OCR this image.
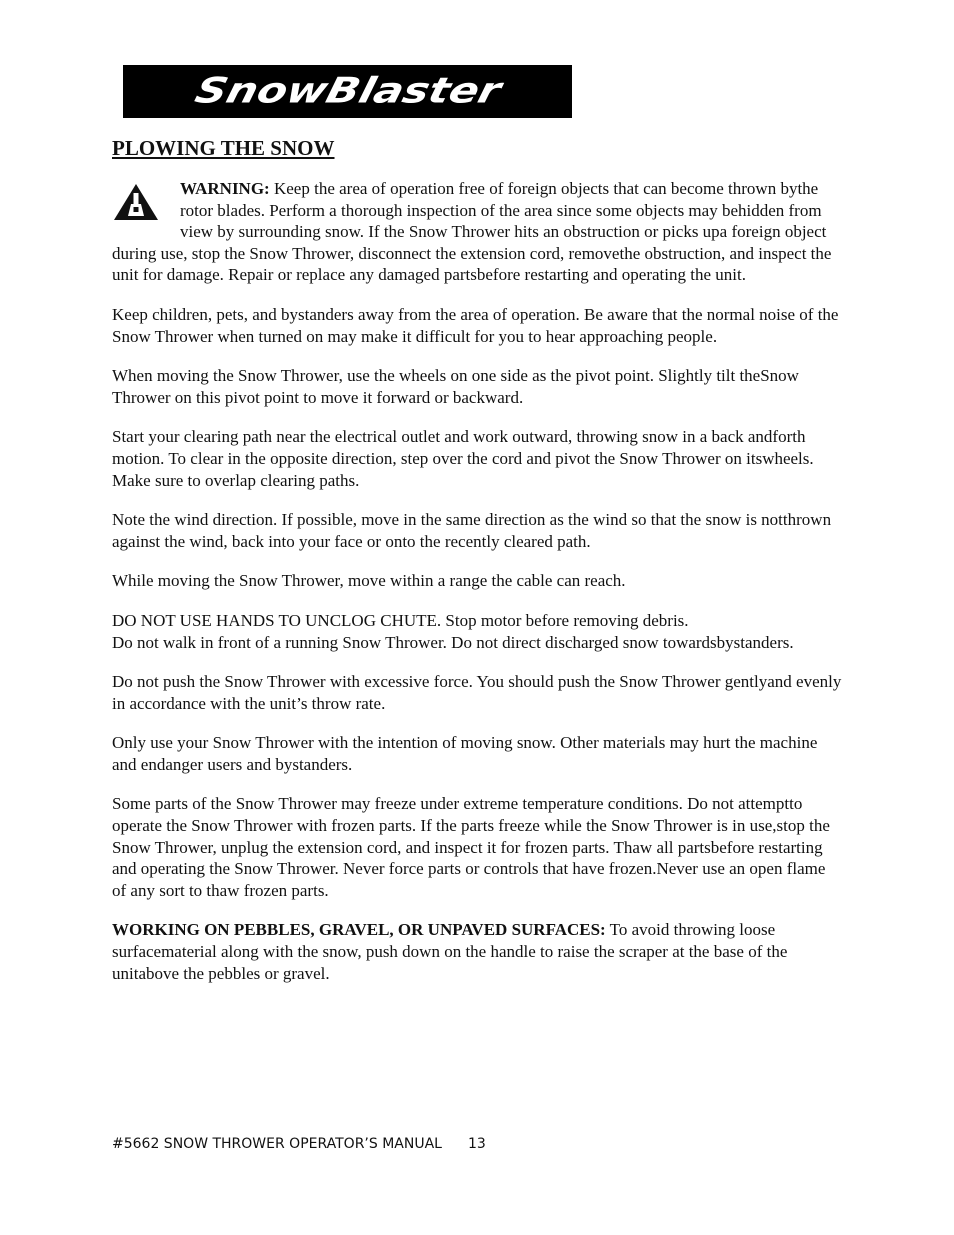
SnowBlaster
PLOWING THE SNOW

WARNING: Keep the area of operation free of foreign objects that can become thrown bythe rotor blades. Perform a thorough inspection of the area since some objects may behidden from view by surrounding snow. If the Snow Thrower hits an obstruction or picks upa foreign object during use, stop the Snow Thrower, disconnect the extension cord, removethe obstruction, and inspect the unit for damage. Repair or replace any damaged partsbefore restarting and operating the unit.

Keep children, pets, and bystanders away from the area of operation. Be aware that the normal noise of the Snow Thrower when turned on may make it difficult for you to hear approaching people.

When moving the Snow Thrower, use the wheels on one side as the pivot point. Slightly tilt theSnow Thrower on this pivot point to move it forward or backward.

Start your clearing path near the electrical outlet and work outward, throwing snow in a back andforth motion. To clear in the opposite direction, step over the cord and pivot the Snow Thrower on itswheels. Make sure to overlap clearing paths.

Note the wind direction. If possible, move in the same direction as the wind so that the snow is notthrown against the wind, back into your face or onto the recently cleared path.

While moving the Snow Thrower, move within a range the cable can reach.

DO NOT USE HANDS TO UNCLOG CHUTE. Stop motor before removing debris.
Do not walk in front of a running Snow Thrower. Do not direct discharged snow towardsbystanders.

Do not push the Snow Thrower with excessive force. You should push the Snow Thrower gentlyand evenly in accordance with the unit’s throw rate.

Only use your Snow Thrower with the intention of moving snow. Other materials may hurt the machine and endanger users and bystanders.

Some parts of the Snow Thrower may freeze under extreme temperature conditions. Do not attemptto operate the Snow Thrower with frozen parts. If the parts freeze while the Snow Thrower is in use,stop the Snow Thrower, unplug the extension cord, and inspect it for frozen parts. Thaw all partsbefore restarting and operating the Snow Thrower. Never force parts or controls that have frozen.Never use an open flame of any sort to thaw frozen parts.

WORKING ON PEBBLES, GRAVEL, OR UNPAVED SURFACES: To avoid throwing loose surfacematerial along with the snow, push down on the handle to raise the scraper at the base of the unitabove the pebbles or gravel.

#5662 SNOW THROWER OPERATOR’S MANUAL 13
